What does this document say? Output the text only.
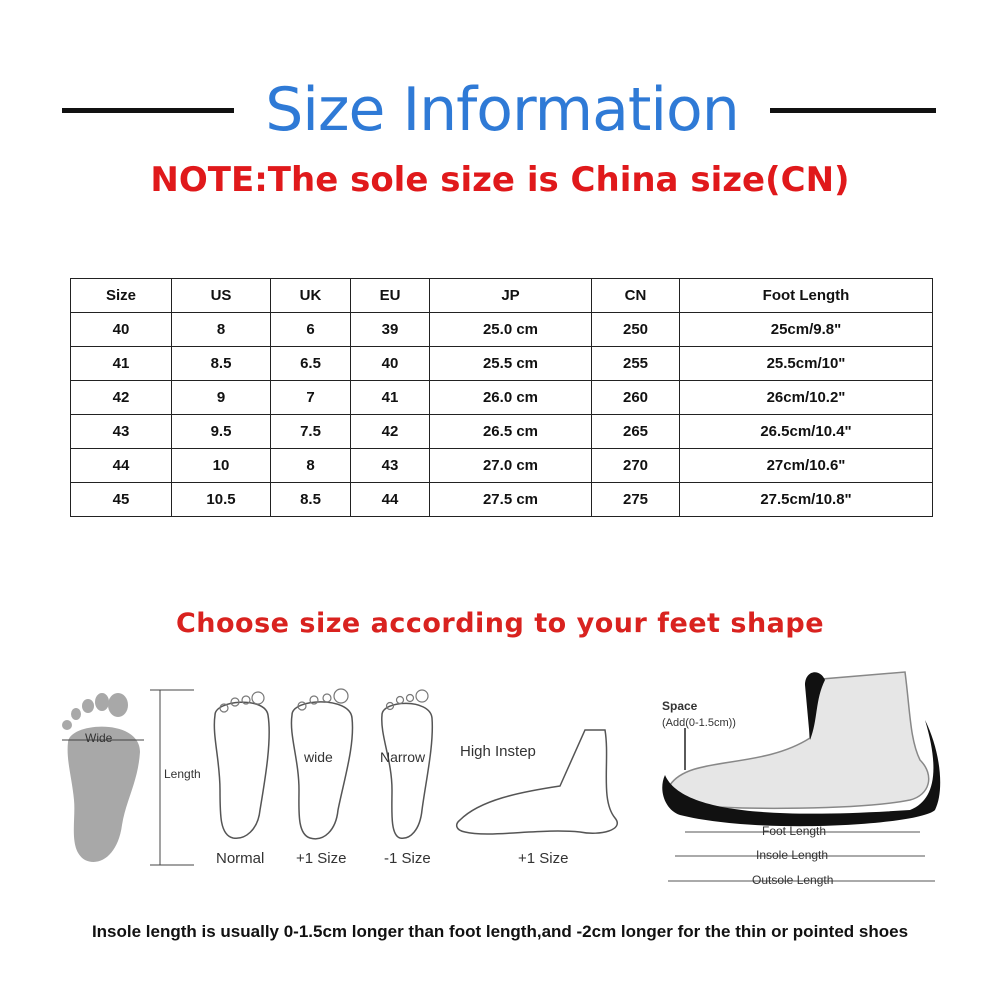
Size Information
NOTE:The sole size is China size(CN)
Size	US	UK	EU	JP	CN	Foot Length
40	8	6	39	25.0 cm	250	25cm/9.8"
41	8.5	6.5	40	25.5 cm	255	25.5cm/10"
42	9	7	41	26.0 cm	260	26cm/10.2"
43	9.5	7.5	42	26.5 cm	265	26.5cm/10.4"
44	10	8	43	27.0 cm	270	27cm/10.6"
45	10.5	8.5	44	27.5 cm	275	27.5cm/10.8"
Choose size according to your feet shape
Wide
Length
wide	Narrow High Instep
Normal +1 Size	-1 Size	+1 Size
Space
(Add(0-1.5cm))
Foot Length
Insole Length
Outsole Length
Insole length is usually 0-1.5cm longer than foot length,and -2cm longer for the thin or pointed shoes
